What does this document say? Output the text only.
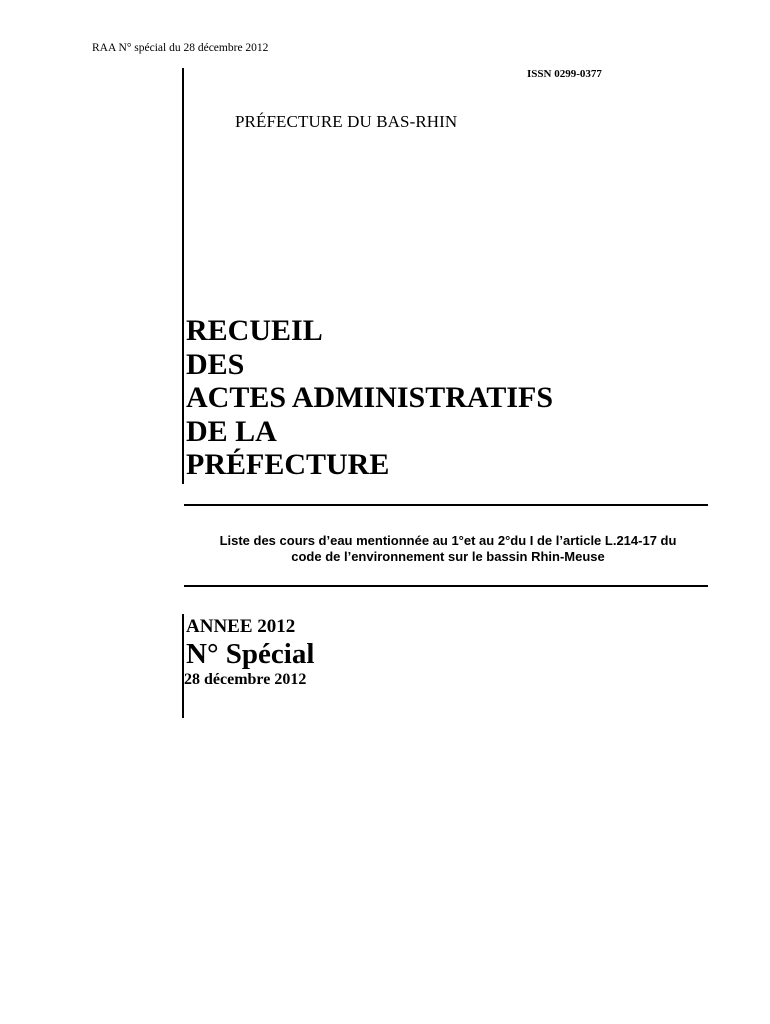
RAA N° spécial du 28 décembre 2012
ISSN 0299-0377
PRÉFECTURE DU BAS-RHIN
RECUEIL
DES
ACTES ADMINISTRATIFS
DE LA
PRÉFECTURE
Liste des cours d’eau mentionnée au 1°et au 2°du I de l’article L.214-17 du
code de l’environnement sur le bassin Rhin-Meuse
ANNEE 2012
N° Spécial
28 décembre 2012
